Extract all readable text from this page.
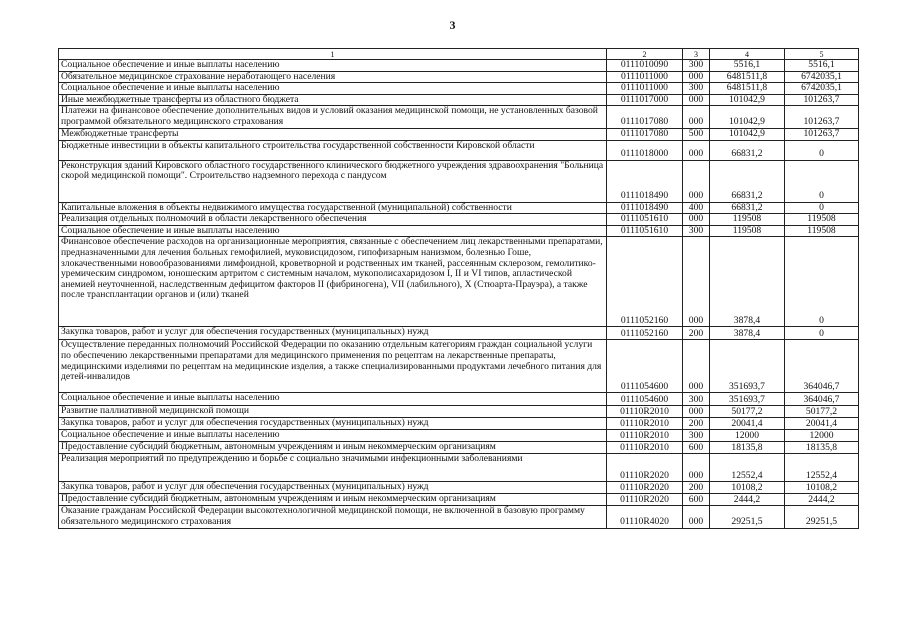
3
1	2	3	4	5
Социальное обеспечение и иные выплаты населению	0111010090	300	5516,1	5516,1
Обязательное медицинское страхование неработающего населения	0111011000	000	6481511,8	6742035,1
Социальное обеспечение и иные выплаты населению	0111011000	300	6481511,8	6742035,1
Иные межбюджетные трансферты из областного бюджета	0111017000	000	101042,9	101263,7
Платежи на финансовое обеспечение дополнительных видов и условий оказания медицинской помощи, не установленных базовой программой обязательного медицинского страхования	0111017080	000	101042,9	101263,7
Межбюджетные трансферты	0111017080	500	101042,9	101263,7
Бюджетные инвестиции в объекты капитального строительства государственной собственности Кировской области	0111018000	000	66831,2	0
Реконструкция зданий Кировского областного государственного клинического бюджетного учреждения здравоохранения "Больница скорой медицинской помощи". Строительство надземного перехода с пандусом	0111018490	000	66831,2	0
Капитальные вложения в объекты недвижимого имущества государственной (муниципальной) собственности	0111018490	400	66831,2	0
Реализация отдельных полномочий в области лекарственного обеспечения	0111051610	000	119508	119508
Социальное обеспечение и иные выплаты населению	0111051610	300	119508	119508
Финансовое обеспечение расходов на организационные мероприятия, связанные с обеспечением лиц лекарственными препаратами, предназначенными для лечения больных гемофилией, муковисцидозом, гипофизарным нанизмом, болезнью Гоше, злокачественными новообразованиями лимфоидной, кроветворной и родственных им тканей, рассеянным склерозом, гемолитико-уремическим синдромом, юношеским артритом с системным началом, мукополисахаридозом I, II и VI типов, апластической анемией неуточненной, наследственным дефицитом факторов II (фибриногена), VII (лабильного), X (Стюарта-Прауэра), а также после трансплантации органов и (или) тканей	0111052160	000	3878,4	0
Закупка товаров, работ и услуг для обеспечения государственных (муниципальных) нужд	0111052160	200	3878,4	0
Осуществление переданных полномочий Российской Федерации по оказанию отдельным категориям граждан социальной услуги по обеспечению лекарственными препаратами для медицинского применения по рецептам на лекарственные препараты, медицинскими изделиями по рецептам на медицинские изделия, а также специализированными продуктами лечебного питания для детей-инвалидов	0111054600	000	351693,7	364046,7
Социальное обеспечение и иные выплаты населению	0111054600	300	351693,7	364046,7
Развитие паллиативной медицинской помощи	01110R2010	000	50177,2	50177,2
Закупка товаров, работ и услуг для обеспечения государственных (муниципальных) нужд	01110R2010	200	20041,4	20041,4
Социальное обеспечение и иные выплаты населению	01110R2010	300	12000	12000
Предоставление субсидий бюджетным, автономным учреждениям и иным некоммерческим организациям	01110R2010	600	18135,8	18135,8
Реализация мероприятий по предупреждению и борьбе с социально значимыми инфекционными заболеваниями	01110R2020	000	12552,4	12552,4
Закупка товаров, работ и услуг для обеспечения государственных (муниципальных) нужд	01110R2020	200	10108,2	10108,2
Предоставление субсидий бюджетным, автономным учреждениям и иным некоммерческим организациям	01110R2020	600	2444,2	2444,2
Оказание гражданам Российской Федерации высокотехнологичной медицинской помощи, не включенной в базовую программу обязательного медицинского страхования	01110R4020	000	29251,5	29251,5
